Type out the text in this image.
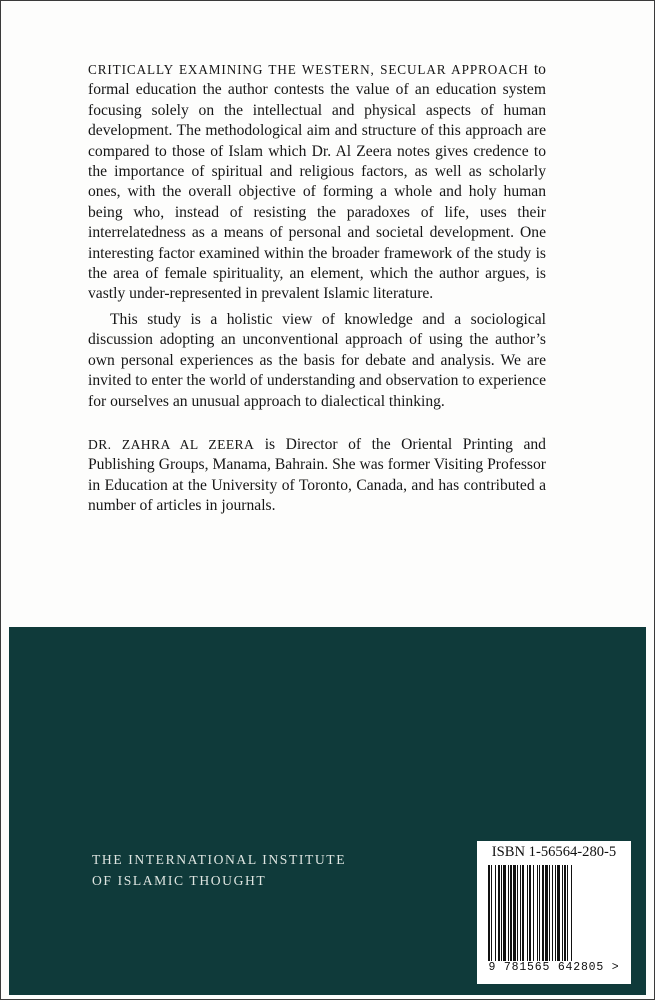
CRITICALLY EXAMINING THE WESTERN, SECULAR APPROACH to formal education the author contests the value of an education system focusing solely on the intellectual and physical aspects of human development. The methodological aim and structure of this approach are compared to those of Islam which Dr. Al Zeera notes gives credence to the importance of spiritual and religious factors, as well as scholarly ones, with the overall objective of forming a whole and holy human being who, instead of resisting the paradoxes of life, uses their interrelatedness as a means of personal and societal development. One interesting factor examined within the broader framework of the study is the area of female spirituality, an element, which the author argues, is vastly under-represented in prevalent Islamic literature.

This study is a holistic view of knowledge and a sociological discussion adopting an unconventional approach of using the author’s own personal experiences as the basis for debate and analysis. We are invited to enter the world of understanding and observation to experience for ourselves an unusual approach to dialectical thinking.

DR. ZAHRA AL ZEERA is Director of the Oriental Printing and Publishing Groups, Manama, Bahrain. She was former Visiting Professor in Education at the University of Toronto, Canada, and has contributed a number of articles in journals.

THE INTERNATIONAL INSTITUTE
OF ISLAMIC THOUGHT
ISBN 1-56564-280-5
9 781565 642805 >
